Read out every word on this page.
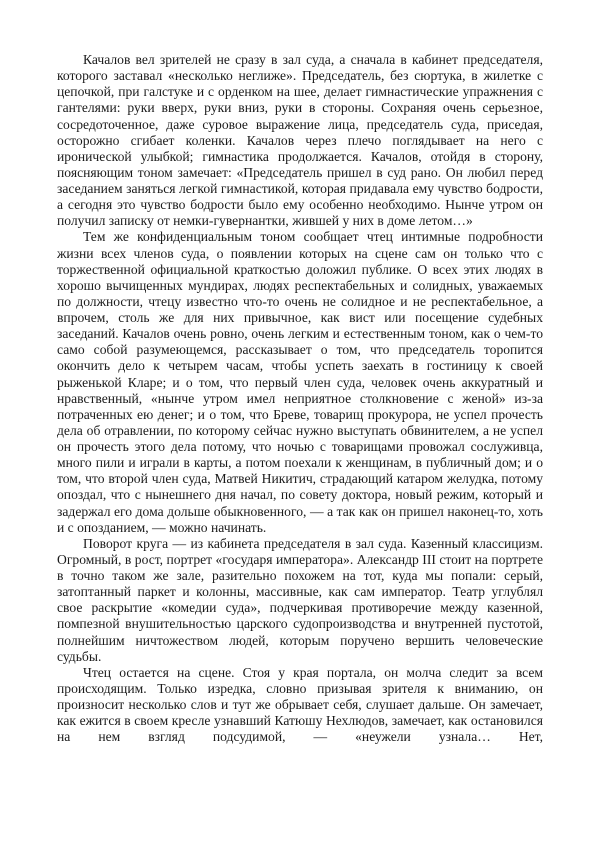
Качалов вел зрителей не сразу в зал суда, а сначала в кабинет председателя, которого заставал «несколько неглиже». Председатель, без сюртука, в жилетке с цепочкой, при галстуке и с орденком на шее, делает гимнастические упражнения с гантелями: руки вверх, руки вниз, руки в стороны. Сохраняя очень серьезное, сосредоточенное, даже суровое выражение лица, председатель суда, приседая, осторожно сгибает коленки. Качалов через плечо поглядывает на него с иронической улыбкой; гимнастика продолжается. Качалов, отойдя в сторону, поясняющим тоном замечает: «Председатель пришел в суд рано. Он любил перед заседанием заняться легкой гимнастикой, которая придавала ему чувство бодрости, а сегодня это чувство бодрости было ему особенно необходимо. Нынче утром он получил записку от немки-гувернантки, жившей у них в доме летом…»

Тем же конфиденциальным тоном сообщает чтец интимные подробности жизни всех членов суда, о появлении которых на сцене сам он только что с торжественной официальной краткостью доложил публике. О всех этих людях в хорошо вычищенных мундирах, людях респектабельных и солидных, уважаемых по должности, чтецу известно что-то очень не солидное и не респектабельное, а впрочем, столь же для них привычное, как вист или посещение судебных заседаний. Качалов очень ровно, очень легким и естественным тоном, как о чем-то само собой разумеющемся, рассказывает о том, что председатель торопится окончить дело к четырем часам, чтобы успеть заехать в гостиницу к своей рыженькой Кларе; и о том, что первый член суда, человек очень аккуратный и нравственный, «нынче утром имел неприятное столкновение с женой» из-за потраченных ею денег; и о том, что Бреве, товарищ прокурора, не успел прочесть дела об отравлении, по которому сейчас нужно выступать обвинителем, а не успел он прочесть этого дела потому, что ночью с товарищами провожал сослуживца, много пили и играли в карты, а потом поехали к женщинам, в публичный дом; и о том, что второй член суда, Матвей Никитич, страдающий катаром желудка, потому опоздал, что с нынешнего дня начал, по совету доктора, новый режим, который и задержал его дома дольше обыкновенного, — а так как он пришел наконец-то, хоть и с опозданием, — можно начинать.

Поворот круга — из кабинета председателя в зал суда. Казенный классицизм. Огромный, в рост, портрет «государя императора». Александр III стоит на портрете в точно таком же зале, разительно похожем на тот, куда мы попали: серый, затоптанный паркет и колонны, массивные, как сам император. Театр углублял свое раскрытие «комедии суда», подчеркивая противоречие между казенной, помпезной внушительностью царского судопроизводства и внутренней пустотой, полнейшим ничтожеством людей, которым поручено вершить человеческие судьбы.

Чтец остается на сцене. Стоя у края портала, он молча следит за всем происходящим. Только изредка, словно призывая зрителя к вниманию, он произносит несколько слов и тут же обрывает себя, слушает дальше. Он замечает, как ежится в своем кресле узнавший Катюшу Нехлюдов, замечает, как остановился на нем взгляд подсудимой, — «неужели узнала… Нет,
